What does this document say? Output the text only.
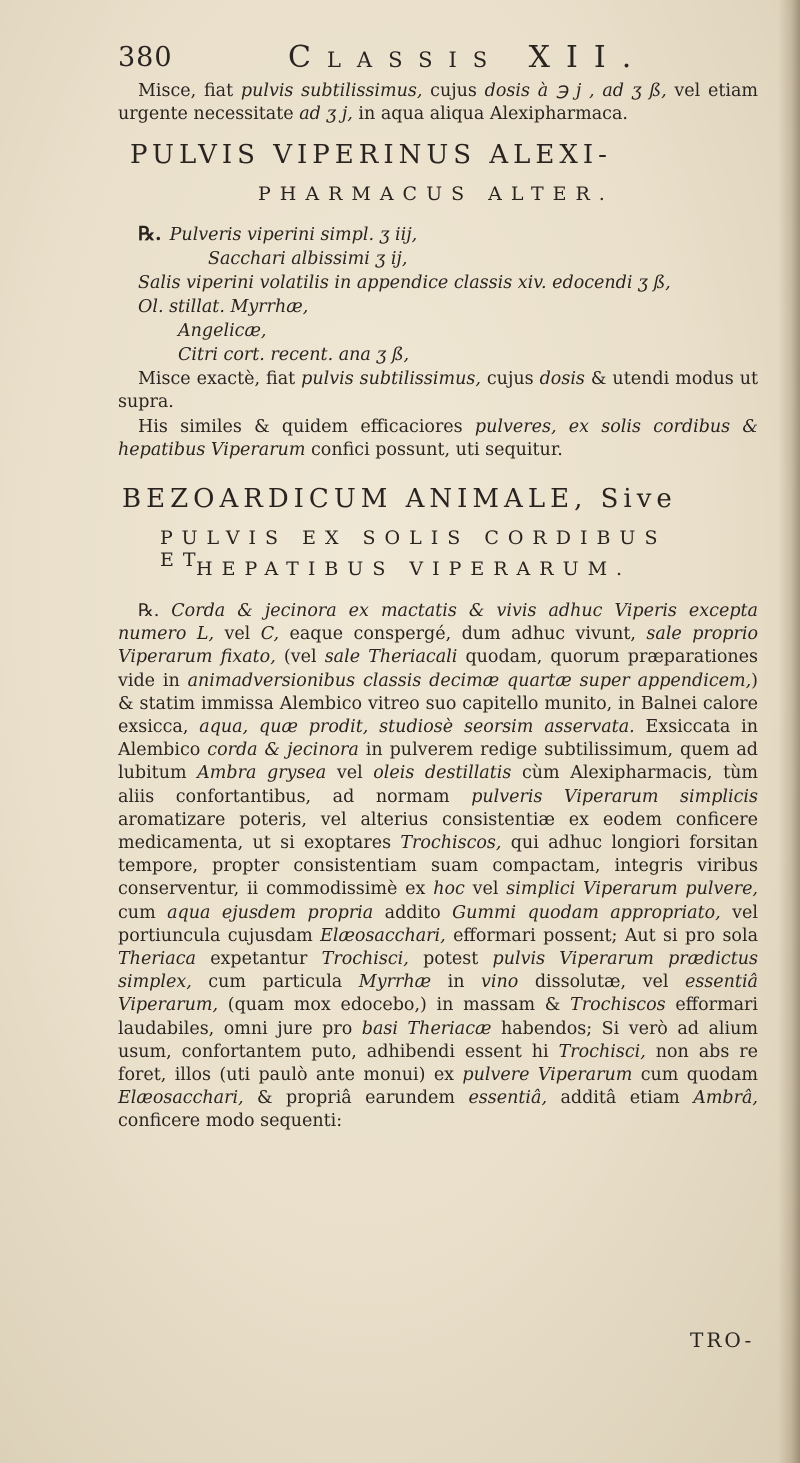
380	Classis XII.

Misce, fiat pulvis subtilissimus, cujus dosis à ℈ j , ad ʒ ß, vel etiam urgente necessitate ad ʒ j, in aqua aliqua Alexipharmaca.

PULVIS VIPERINUS ALEXI-
PHARMACUS ALTER.
℞. Pulveris viperini simpl. ʒ iij,
Sacchari albissimi ʒ ij,
Salis viperini volatilis in appendice classis xiv. edocendi ʒ ß,
Ol. stillat. Myrrhæ,
Angelicæ,
Citri cort. recent. ana ʒ ß,

Misce exactè, fiat pulvis subtilissimus, cujus dosis & utendi modus ut supra.

His similes & quidem efficaciores pulveres, ex solis cordibus & hepatibus Viperarum confici possunt, uti sequitur.

BEZOARDICUM ANIMALE, Sive
PULVIS EX SOLIS CORDIBUS ET
HEPATIBUS VIPERARUM.

℞. Corda & jecinora ex mactatis & vivis adhuc Viperis excepta numero L, vel C, eaque conspergé, dum adhuc vivunt, sale proprio Viperarum fixato, (vel sale Theriacali quodam, quorum præparationes vide in animadversionibus classis decimæ quartæ super appendicem,) & statim immissa Alembico vitreo suo capitello munito, in Balnei calore exsicca, aqua, quæ prodit, studiosè seorsim asservata. Exsiccata in Alembico corda & jecinora in pulverem redige subtilissimum, quem ad lubitum Ambra grysea vel oleis destillatis cùm Alexipharmacis, tùm aliis confortantibus, ad normam pulveris Viperarum simplicis aromatizare poteris, vel alterius consistentiæ ex eodem conficere medicamenta, ut si exoptares Trochiscos, qui adhuc longiori forsitan tempore, propter consistentiam suam compactam, integris viribus conserventur, ii commodissimè ex hoc vel simplici Viperarum pulvere, cum aqua ejusdem propria addito Gummi quodam appropriato, vel portiuncula cujusdam Elæosacchari, efformari possent; Aut si pro sola Theriaca expetantur Trochisci, potest pulvis Viperarum prædictus simplex, cum particula Myrrhæ in vino dissolutæ, vel essentiâ Viperarum, (quam mox edocebo,) in massam & Trochiscos efformari laudabiles, omni jure pro basi Theriacæ habendos; Si verò ad alium usum, confortantem puto, adhibendi essent hi Trochisci, non abs re foret, illos (uti paulò ante monui) ex pulvere Viperarum cum quodam Elæosacchari, & propriâ earundem essentiâ, additâ etiam Ambrâ, conficere modo sequenti:

TRO-
